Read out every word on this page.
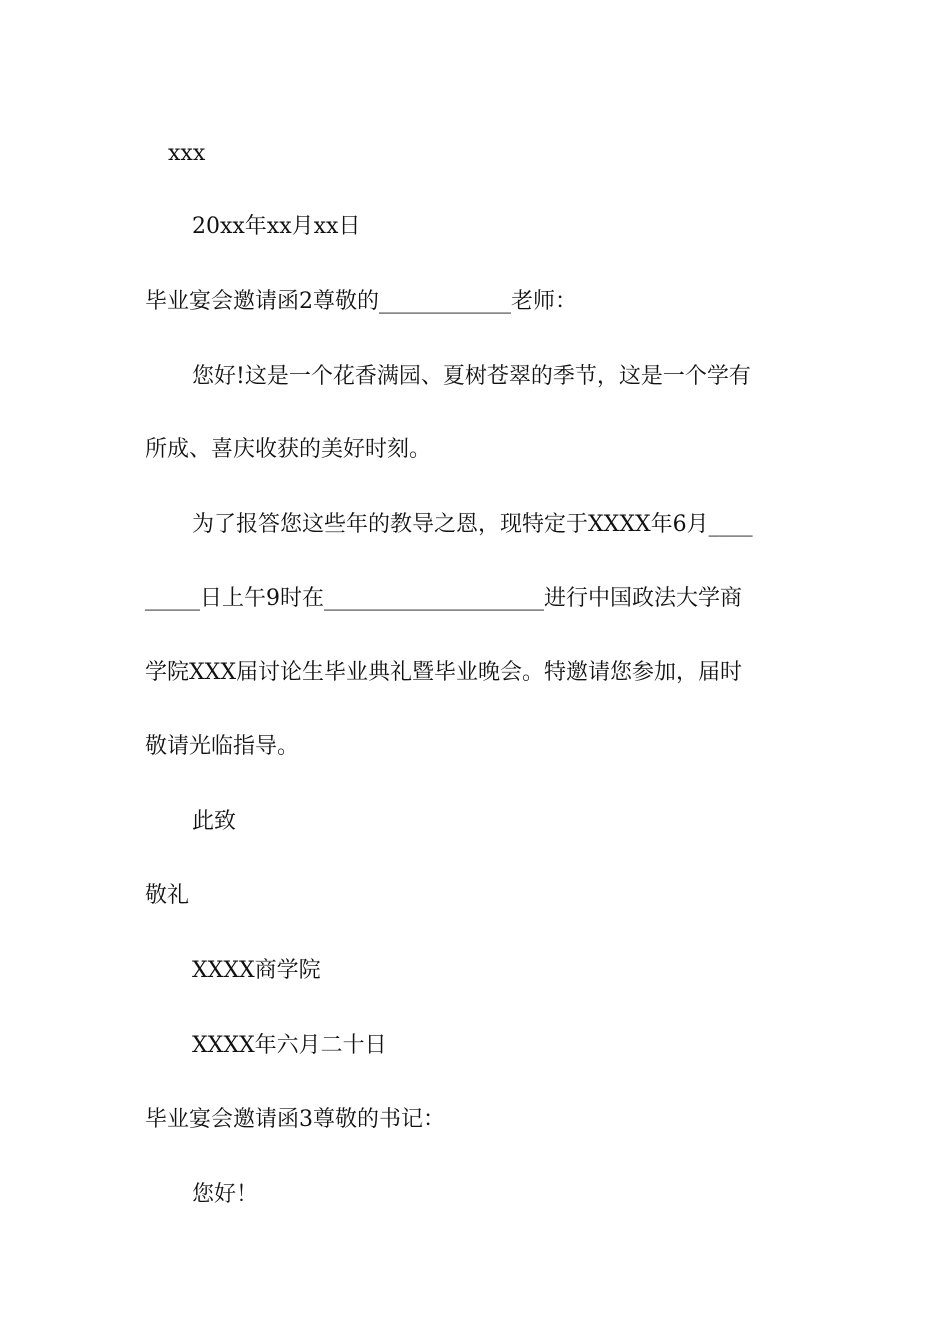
xxx
20xx年xx月xx日
毕业宴会邀请函2尊敬的____________老师：
您好!这是一个花香满园、夏树苍翠的季节，这是一个学有
所成、喜庆收获的美好时刻。
为了报答您这些年的教导之恩，现特定于XXXX年6月____
_____日上午9时在____________________进行中国政法大学商
学院XXX届讨论生毕业典礼暨毕业晚会。特邀请您参加，届时
敬请光临指导。
此致
敬礼
XXXX商学院
XXXX年六月二十日
毕业宴会邀请函3尊敬的书记：
您好！
